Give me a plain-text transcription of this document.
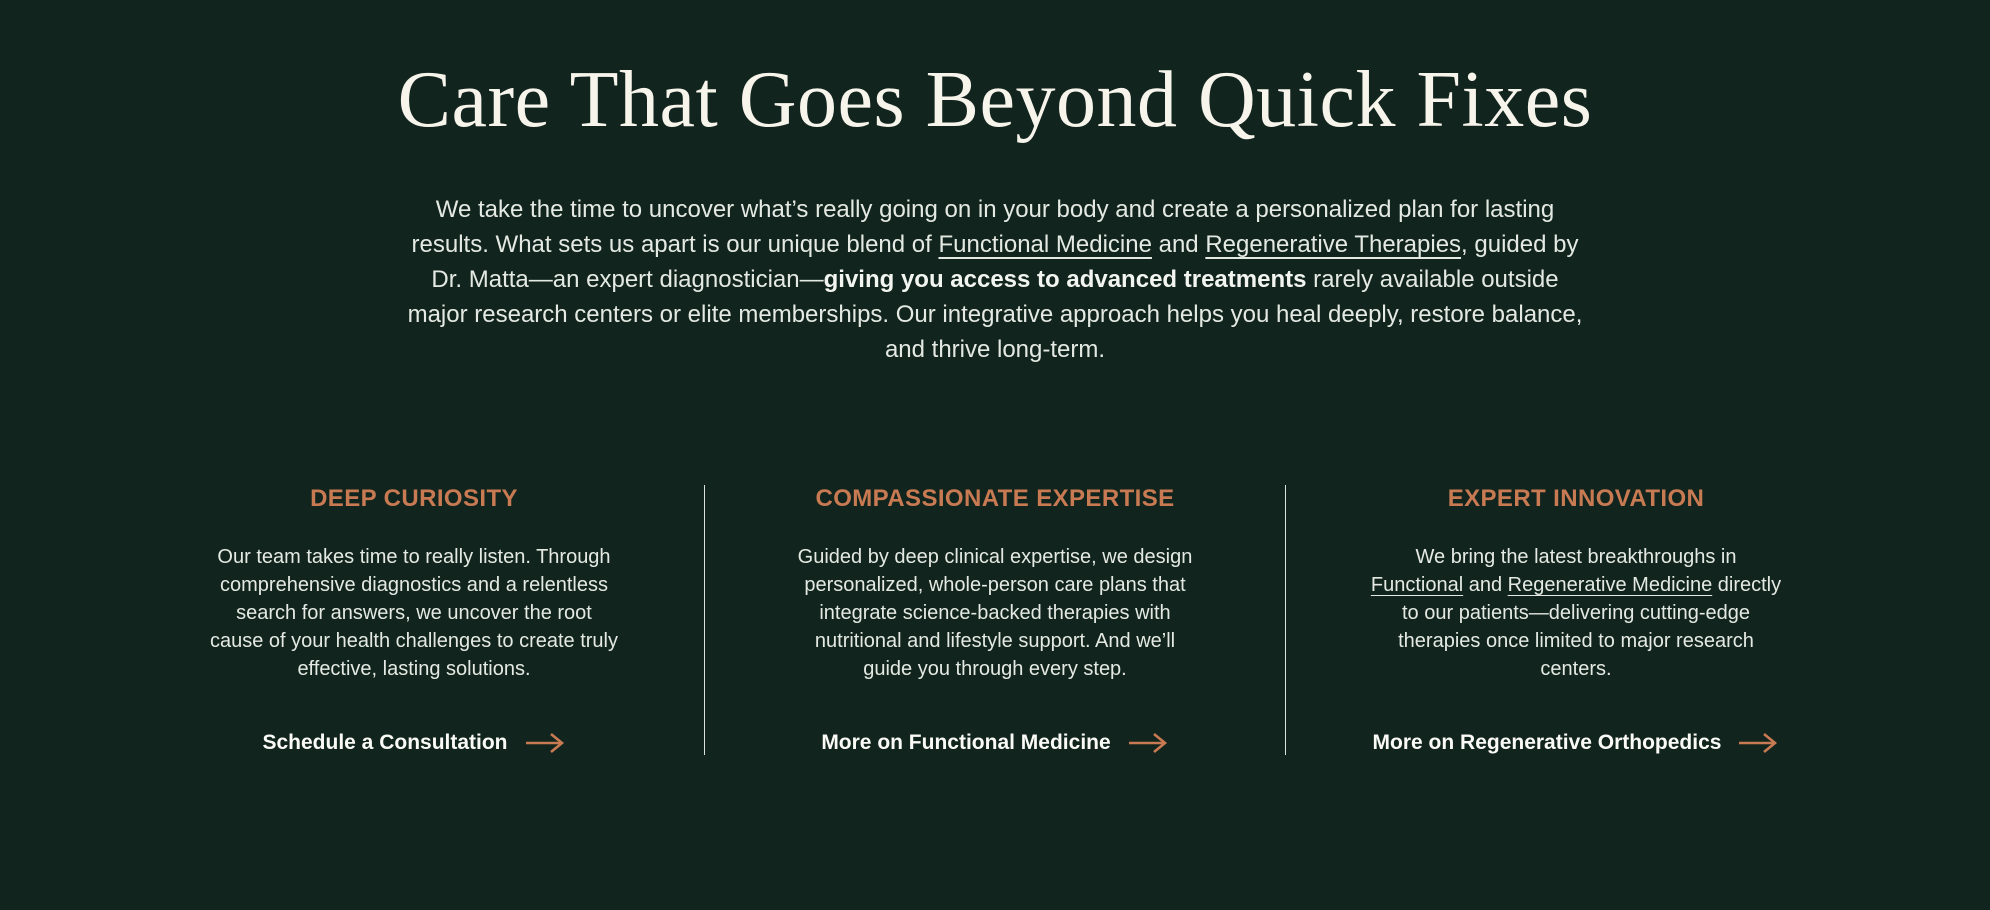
Care That Goes Beyond Quick Fixes

We take the time to uncover what’s really going on in your body and create a personalized plan for lasting results. What sets us apart is our unique blend of Functional Medicine and Regenerative Therapies, guided by Dr. Matta—an expert diagnostician—giving you access to advanced treatments rarely available outside major research centers or elite memberships. Our integrative approach helps you heal deeply, restore balance, and thrive long-term.

DEEP CURIOSITY

Our team takes time to really listen. Through comprehensive diagnostics and a relentless search for answers, we uncover the root cause of your health challenges to create truly effective, lasting solutions.

Schedule a Consultation
COMPASSIONATE EXPERTISE

Guided by deep clinical expertise, we design personalized, whole-person care plans that integrate science-backed therapies with nutritional and lifestyle support. And we’ll guide you through every step.

More on Functional Medicine
EXPERT INNOVATION

We bring the latest breakthroughs in Functional and Regenerative Medicine directly to our patients—delivering cutting-edge therapies once limited to major research centers.

More on Regenerative Orthopedics
